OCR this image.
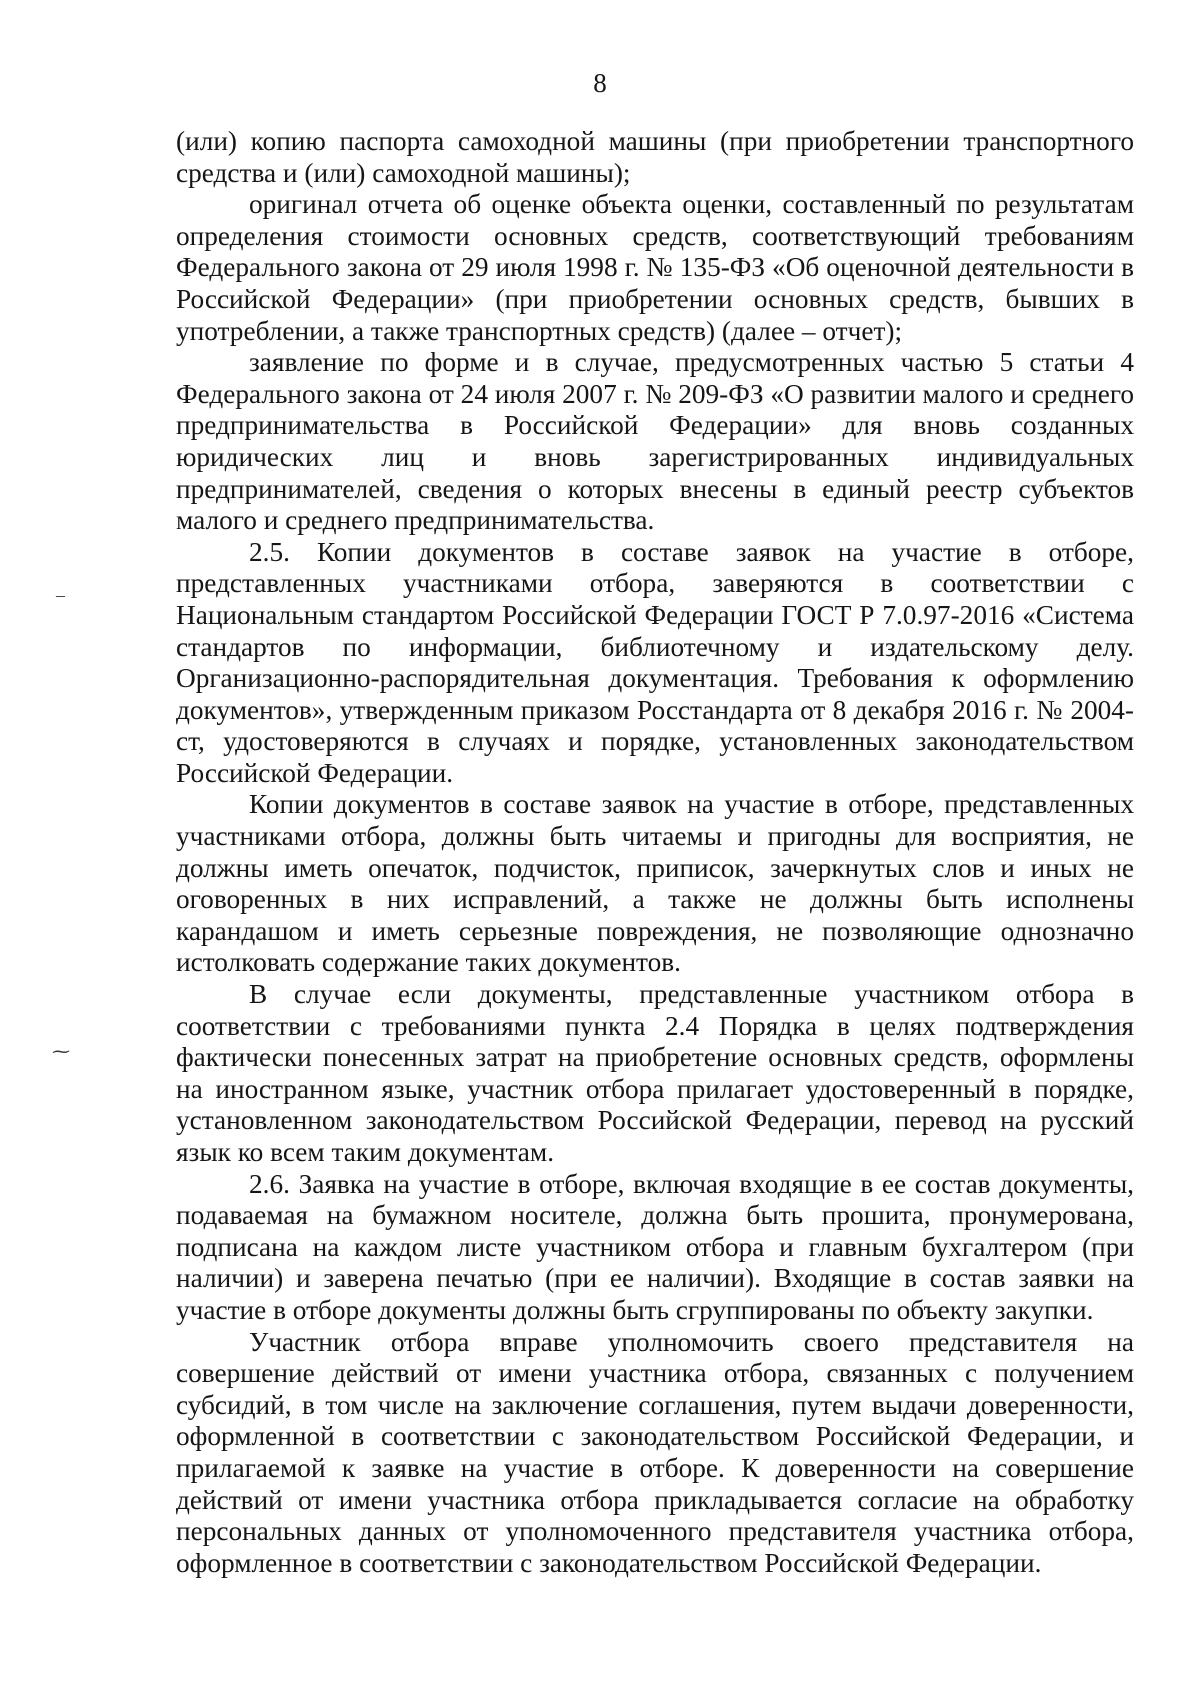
8
–
⁓

(или) копию паспорта самоходной машины (при приобретении транспортного средства и (или) самоходной машины);

оригинал отчета об оценке объекта оценки, составленный по результатам определения стоимости основных средств, соответствующий требованиям Федерального закона от 29 июля 1998 г. № 135-ФЗ «Об оценочной деятельности в Российской Федерации» (при приобретении основных средств, бывших в употреблении, а также транспортных средств) (далее – отчет);

заявление по форме и в случае, предусмотренных частью 5 статьи 4 Федерального закона от 24 июля 2007 г. № 209-ФЗ «О развитии малого и среднего предпринимательства в Российской Федерации» для вновь созданных юридических лиц и вновь зарегистрированных индивидуальных предпринимателей, сведения о которых внесены в единый реестр субъектов малого и среднего предпринимательства.

2.5. Копии документов в составе заявок на участие в отборе, представленных участниками отбора, заверяются в соответствии с Национальным стандартом Российской Федерации ГОСТ Р 7.0.97-2016 «Система стандартов по информации, библиотечному и издательскому делу. Организационно-распорядительная документация. Требования к оформлению документов», утвержденным приказом Росстандарта от 8 декабря 2016 г. № 2004-ст, удостоверяются в случаях и порядке, установленных законодательством Российской Федерации.

Копии документов в составе заявок на участие в отборе, представленных участниками отбора, должны быть читаемы и пригодны для восприятия, не должны иметь опечаток, подчисток, приписок, зачеркнутых слов и иных не оговоренных в них исправлений, а также не должны быть исполнены карандашом и иметь серьезные повреждения, не позволяющие однозначно истолковать содержание таких документов.

В случае если документы, представленные участником отбора в соответствии с требованиями пункта 2.4 Порядка в целях подтверждения фактически понесенных затрат на приобретение основных средств, оформлены на иностранном языке, участник отбора прилагает удостоверенный в порядке, установленном законодательством Российской Федерации, перевод на русский язык ко всем таким документам.

2.6. Заявка на участие в отборе, включая входящие в ее состав документы, подаваемая на бумажном носителе, должна быть прошита, пронумерована, подписана на каждом листе участником отбора и главным бухгалтером (при наличии) и заверена печатью (при ее наличии). Входящие в состав заявки на участие в отборе документы должны быть сгруппированы по объекту закупки.

Участник отбора вправе уполномочить своего представителя на совершение действий от имени участника отбора, связанных с получением субсидий, в том числе на заключение соглашения, путем выдачи доверенности, оформленной в соответствии с законодательством Российской Федерации, и прилагаемой к заявке на участие в отборе. К доверенности на совершение действий от имени участника отбора прикладывается согласие на обработку персональных данных от уполномоченного представителя участника отбора, оформленное в соответствии с законодательством Российской Федерации.
